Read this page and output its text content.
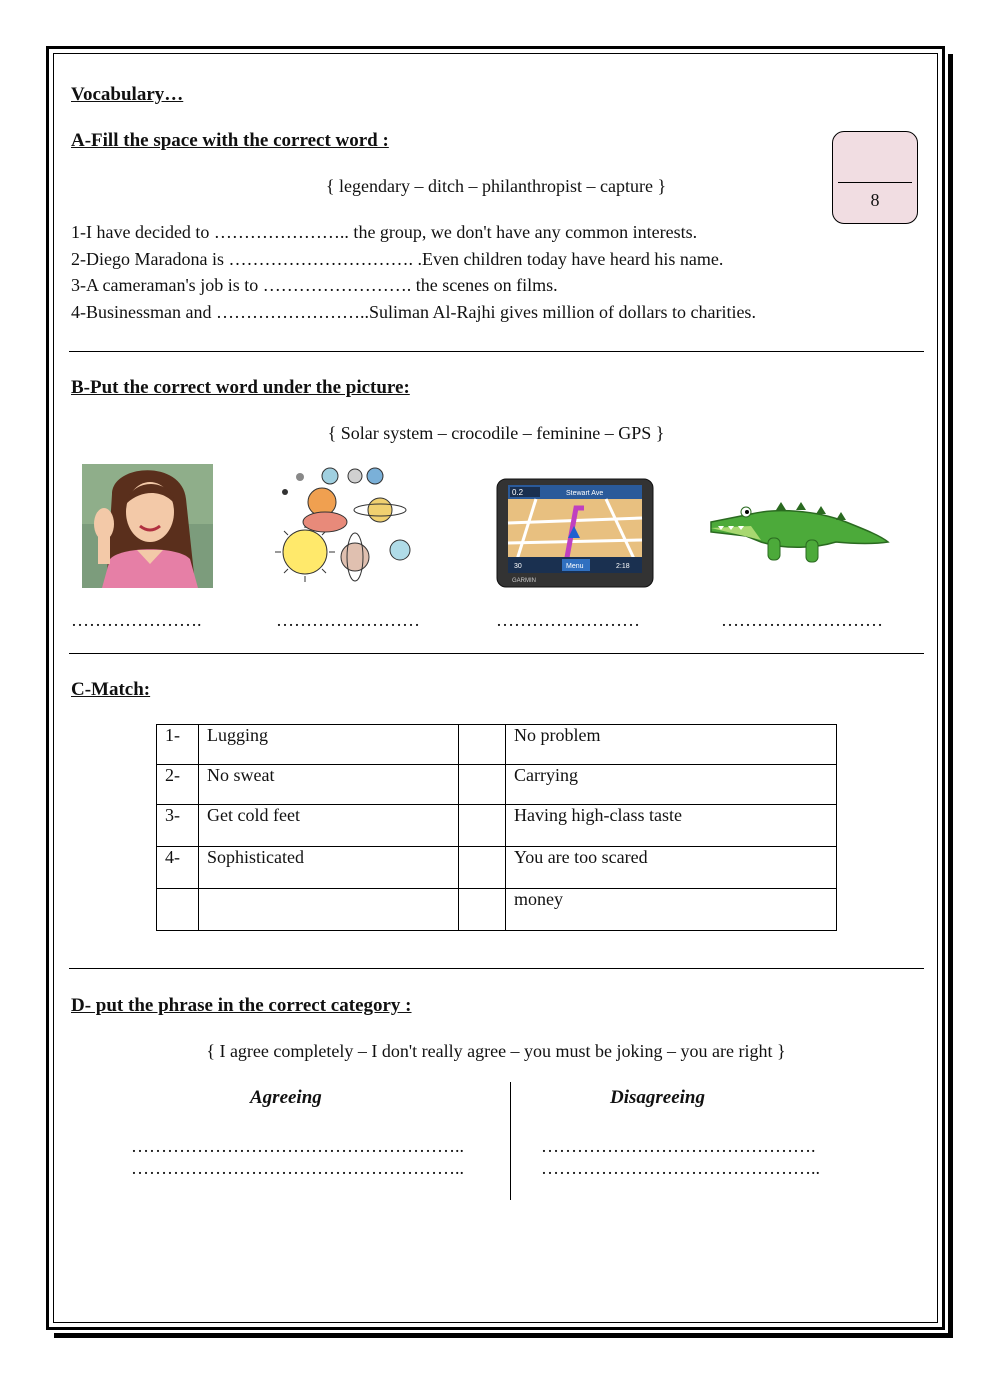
Vocabulary…
8
A-Fill the space with the correct word :
{ legendary – ditch – philanthropist – capture }
1-I have decided to ………………….. the group, we don't have any common interests.
2-Diego Maradona is …………………………. .Even children today have heard his name.
3-A cameraman's job is to ……………………. the scenes on films.
4-Businessman and ……………………..Suliman Al-Rajhi gives million of dollars to charities.
B-Put the correct word under the picture:
{ Solar system – crocodile – feminine – GPS }
0.2	Stewart Ave
30	Menu	2:18
GARMIN
………………….	……………………	……………………	………………………
C-Match:
1-	Lugging		No problem
2-	No sweat		Carrying
3-	Get cold feet		Having high-class taste
4-	Sophisticated		You are too scared
			money
D- put the phrase in the correct category :
{ I agree completely – I don't really agree – you must be joking – you are right }
Agreeing	Disagreeing
………………………………………………..
………………………………………………..
……………………………………….
………………………………………..
